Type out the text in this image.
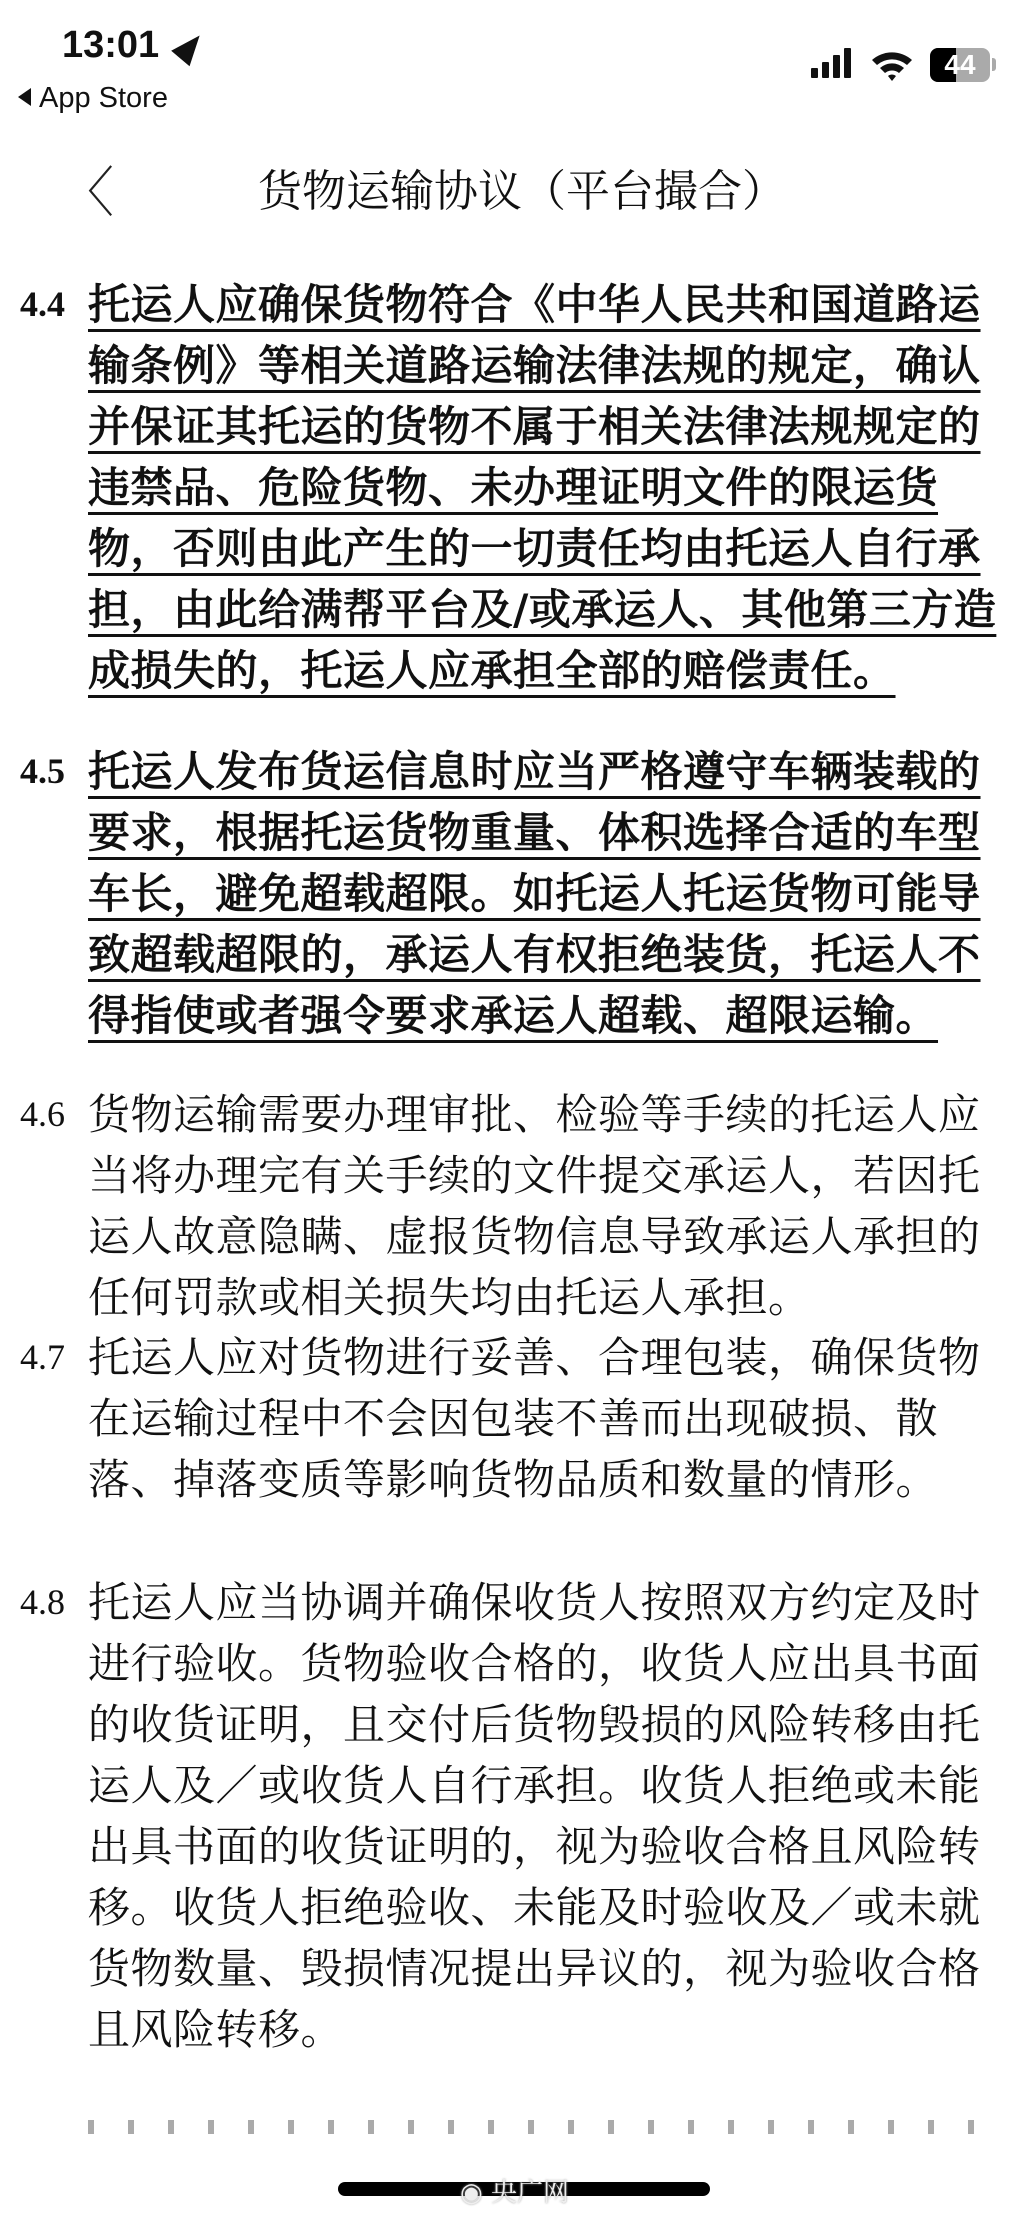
13:01
App Store
44
〈	货物运输协议（平台撮合）
4.4 托运人应确保货物符合《中华人民共和国道路运
输条例》等相关道路运输法律法规的规定，确认
并保证其托运的货物不属于相关法律法规规定的
违禁品、危险货物、未办理证明文件的限运货
物，否则由此产生的一切责任均由托运人自行承
担，由此给满帮平台及/或承运人、其他第三方造
成损失的，托运人应承担全部的赔偿责任。
4.5 托运人发布货运信息时应当严格遵守车辆装载的
要求，根据托运货物重量、体积选择合适的车型
车长，避免超载超限。如托运人托运货物可能导
致超载超限的，承运人有权拒绝装货，托运人不
得指使或者强令要求承运人超载、超限运输。
4.6 货物运输需要办理审批、检验等手续的托运人应
当将办理完有关手续的文件提交承运人，若因托
运人故意隐瞒、虚报货物信息导致承运人承担的
任何罚款或相关损失均由托运人承担。
4.7 托运人应对货物进行妥善、合理包装，确保货物
在运输过程中不会因包装不善而出现破损、散
落、掉落变质等影响货物品质和数量的情形。
4.8 托运人应当协调并确保收货人按照双方约定及时
进行验收。货物验收合格的，收货人应出具书面
的收货证明，且交付后货物毁损的风险转移由托
运人及／或收货人自行承担。收货人拒绝或未能
出具书面的收货证明的，视为验收合格且风险转
移。收货人拒绝验收、未能及时验收及／或未就
货物数量、毁损情况提出异议的，视为验收合格
且风险转移。
◉ 央广网
